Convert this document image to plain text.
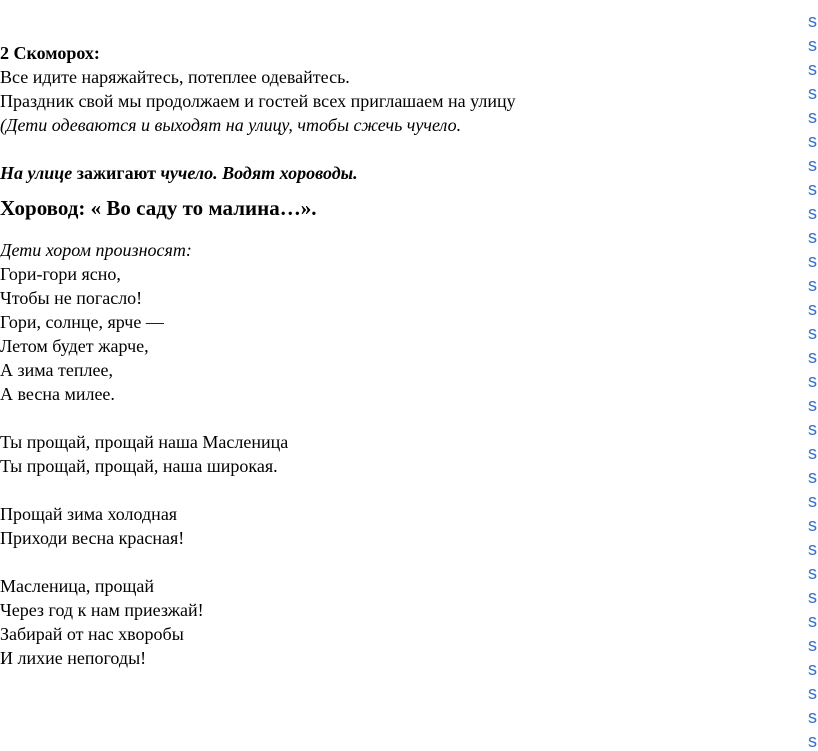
2 Скоморох:
Все идите наряжайтесь, потеплее одевайтесь.
Праздник свой мы продолжаем и гостей всех приглашаем на улицу
(Дети одеваются и выходят на улицу, чтобы сжечь чучело.
На улице зажигают чучело. Водят хороводы.
Хоровод: « Во саду то малина…».
Дети хором произносят:
Гори-гори ясно,
Чтобы не погасло!
Гори, солнце, ярче —
Летом будет жарче,
А зима теплее,
А весна милее.
Ты прощай, прощай наша Масленица
Ты прощай, прощай, наша широкая.
Прощай зима холодная
Приходи весна красная!
Масленица, прощай
Через год к нам приезжай!
Забирай от нас хворобы
И лихие непогоды!
s
s
s
s
s
s
s
s
s
s
s
s
s
s
s
s
s
s
s
s
s
s
s
s
s
s
s
s
s
s
s
